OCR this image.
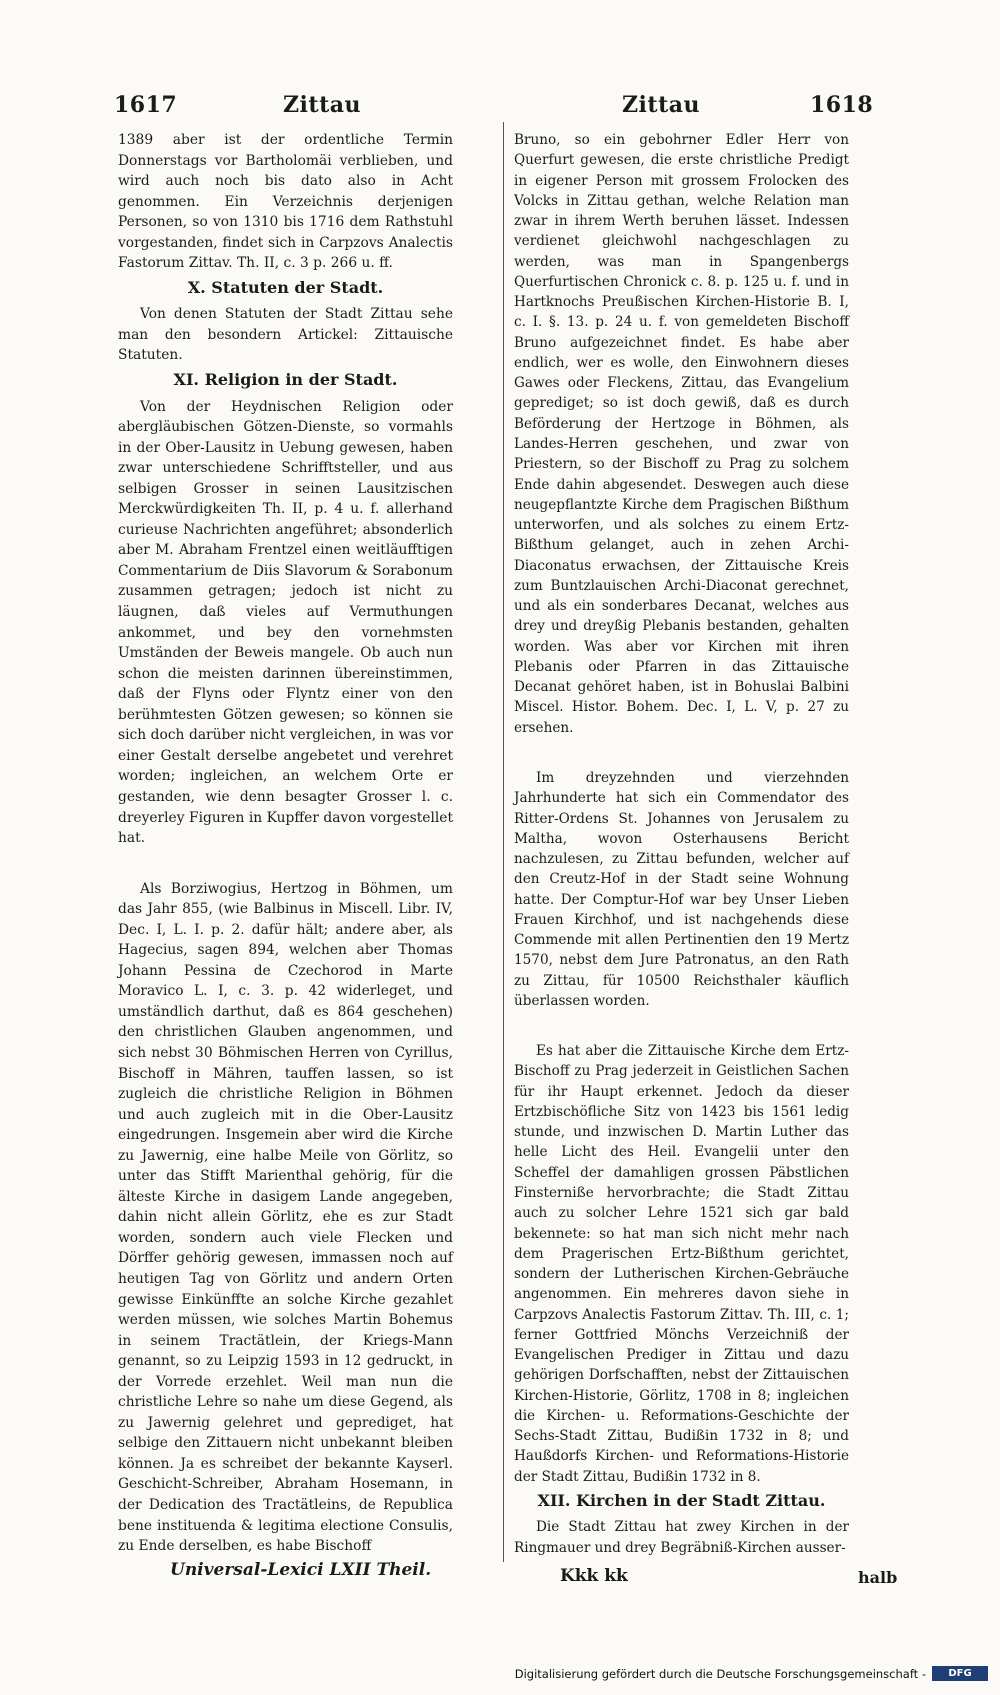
1617	Zittau	Zittau	1618

1389 aber ist der ordentliche Termin Donnerstags vor Bartholomäi verblieben, und wird auch noch bis dato also in Acht genommen. Ein Verzeichnis derjenigen Personen, so von 1310 bis 1716 dem Rathstuhl vorgestanden, findet sich in Carpzovs Analectis Fastorum Zittav. Th. II, c. 3 p. 266 u. ff.

X. Statuten der Stadt.

Von denen Statuten der Stadt Zittau sehe man den besondern Artickel: Zittauische Statuten.

XI. Religion in der Stadt.

Von der Heydnischen Religion oder abergläubischen Götzen-Dienste, so vormahls in der Ober-Lausitz in Uebung gewesen, haben zwar unterschiedene Schrifftsteller, und aus selbigen Grosser in seinen Lausitzischen Merckwürdigkeiten Th. II, p. 4 u. f. allerhand curieuse Nachrichten angeführet; absonderlich aber M. Abraham Frentzel einen weitläufftigen Commentarium de Diis Slavorum & Sorabonum zusammen getragen; jedoch ist nicht zu läugnen, daß vieles auf Vermuthungen ankommet, und bey den vornehmsten Umständen der Beweis mangele. Ob auch nun schon die meisten darinnen übereinstimmen, daß der Flyns oder Flyntz einer von den berühmtesten Götzen gewesen; so können sie sich doch darüber nicht vergleichen, in was vor einer Gestalt derselbe angebetet und verehret worden; ingleichen, an welchem Orte er gestanden, wie denn besagter Grosser l. c. dreyerley Figuren in Kupffer davon vorgestellet hat.

Als Borziwogius, Hertzog in Böhmen, um das Jahr 855, (wie Balbinus in Miscell. Libr. IV, Dec. I, L. I. p. 2. dafür hält; andere aber, als Hagecius, sagen 894, welchen aber Thomas Johann Pessina de Czechorod in Marte Moravico L. I, c. 3. p. 42 widerleget, und umständlich darthut, daß es 864 geschehen) den christlichen Glauben angenommen, und sich nebst 30 Böhmischen Herren von Cyrillus, Bischoff in Mähren, tauffen lassen, so ist zugleich die christliche Religion in Böhmen und auch zugleich mit in die Ober-Lausitz eingedrungen. Insgemein aber wird die Kirche zu Jawernig, eine halbe Meile von Görlitz, so unter das Stifft Marienthal gehörig, für die älteste Kirche in dasigem Lande angegeben, dahin nicht allein Görlitz, ehe es zur Stadt worden, sondern auch viele Flecken und Dörffer gehörig gewesen, immassen noch auf heutigen Tag von Görlitz und andern Orten gewisse Einkünffte an solche Kirche gezahlet werden müssen, wie solches Martin Bohemus in seinem Tractätlein, der Kriegs-Mann genannt, so zu Leipzig 1593 in 12 gedruckt, in der Vorrede erzehlet. Weil man nun die christliche Lehre so nahe um diese Gegend, als zu Jawernig gelehret und geprediget, hat selbige den Zittauern nicht unbekannt bleiben können. Ja es schreibet der bekannte Kayserl. Geschicht-Schreiber, Abraham Hosemann, in der Dedication des Tractätleins, de Republica bene instituenda & legitima electione Consulis, zu Ende derselben, es habe Bischoff

Bruno, so ein gebohrner Edler Herr von Querfurt gewesen, die erste christliche Predigt in eigener Person mit grossem Frolocken des Volcks in Zittau gethan, welche Relation man zwar in ihrem Werth beruhen lässet. Indessen verdienet gleichwohl nachgeschlagen zu werden, was man in Spangenbergs Querfurtischen Chronick c. 8. p. 125 u. f. und in Hartknochs Preußischen Kirchen-Historie B. I, c. I. §. 13. p. 24 u. f. von gemeldeten Bischoff Bruno aufgezeichnet findet. Es habe aber endlich, wer es wolle, den Einwohnern dieses Gawes oder Fleckens, Zittau, das Evangelium geprediget; so ist doch gewiß, daß es durch Beförderung der Hertzoge in Böhmen, als Landes-Herren geschehen, und zwar von Priestern, so der Bischoff zu Prag zu solchem Ende dahin abgesendet. Deswegen auch diese neugepflantzte Kirche dem Pragischen Bißthum unterworfen, und als solches zu einem Ertz-Bißthum gelanget, auch in zehen Archi-Diaconatus erwachsen, der Zittauische Kreis zum Buntzlauischen Archi-Diaconat gerechnet, und als ein sonderbares Decanat, welches aus drey und dreyßig Plebanis bestanden, gehalten worden. Was aber vor Kirchen mit ihren Plebanis oder Pfarren in das Zittauische Decanat gehöret haben, ist in Bohuslai Balbini Miscel. Histor. Bohem. Dec. I, L. V, p. 27 zu ersehen.

Im dreyzehnden und vierzehnden Jahrhunderte hat sich ein Commendator des Ritter-Ordens St. Johannes von Jerusalem zu Maltha, wovon Osterhausens Bericht nachzulesen, zu Zittau befunden, welcher auf den Creutz-Hof in der Stadt seine Wohnung hatte. Der Comptur-Hof war bey Unser Lieben Frauen Kirchhof, und ist nachgehends diese Commende mit allen Pertinentien den 19 Mertz 1570, nebst dem Jure Patronatus, an den Rath zu Zittau, für 10500 Reichsthaler käuflich überlassen worden.

Es hat aber die Zittauische Kirche dem Ertz-Bischoff zu Prag jederzeit in Geistlichen Sachen für ihr Haupt erkennet. Jedoch da dieser Ertzbischöfliche Sitz von 1423 bis 1561 ledig stunde, und inzwischen D. Martin Luther das helle Licht des Heil. Evangelii unter den Scheffel der damahligen grossen Päbstlichen Finsterniße hervorbrachte; die Stadt Zittau auch zu solcher Lehre 1521 sich gar bald bekennete: so hat man sich nicht mehr nach dem Pragerischen Ertz-Bißthum gerichtet, sondern der Lutherischen Kirchen-Gebräuche angenommen. Ein mehreres davon siehe in Carpzovs Analectis Fastorum Zittav. Th. III, c. 1; ferner Gottfried Mönchs Verzeichniß der Evangelischen Prediger in Zittau und dazu gehörigen Dorfschafften, nebst der Zittauischen Kirchen-Historie, Görlitz, 1708 in 8; ingleichen die Kirchen- u. Reformations-Geschichte der Sechs-Stadt Zittau, Budißin 1732 in 8; und Haußdorfs Kirchen- und Reformations-Historie der Stadt Zittau, Budißin 1732 in 8.

XII. Kirchen in der Stadt Zittau.

Die Stadt Zittau hat zwey Kirchen in der Ringmauer und drey Begräbniß-Kirchen ausser-

Universal-Lexici LXII Theil.	Kkk kk	halb
Digitalisierung gefördert durch die Deutsche Forschungsgemeinschaft -	DFG
